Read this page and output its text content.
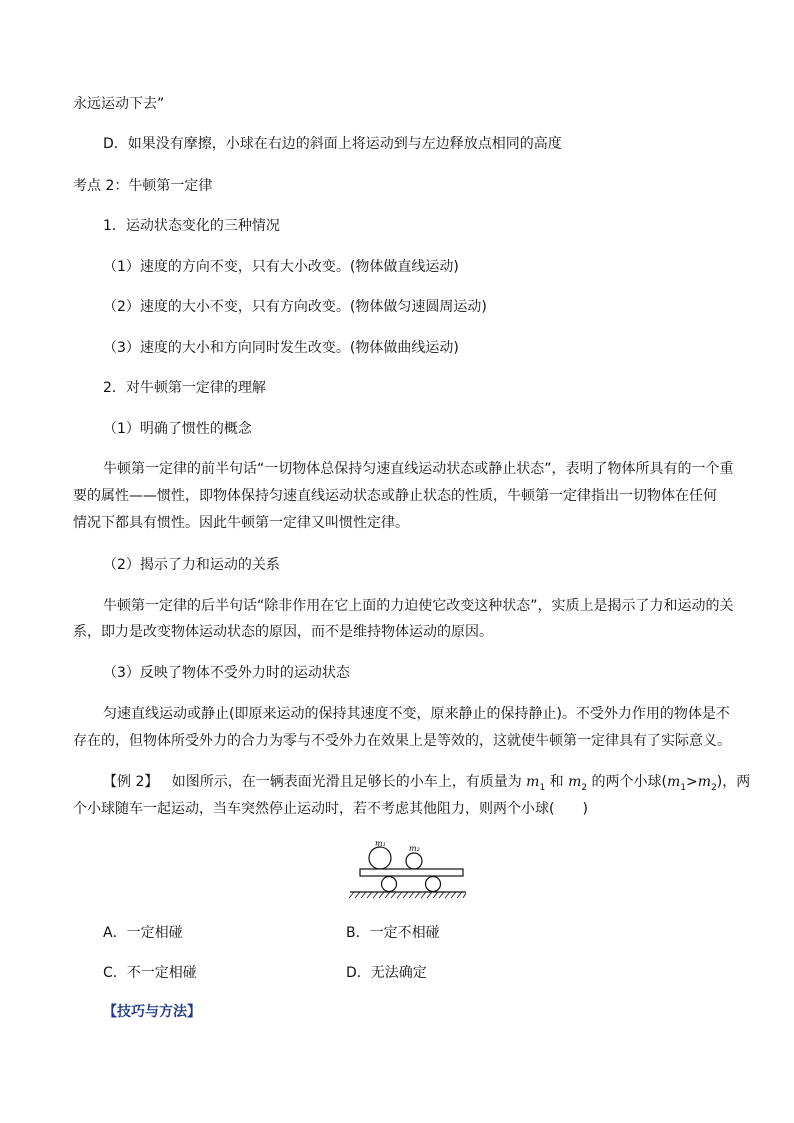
永远运动下去”
D．如果没有摩擦，小球在右边的斜面上将运动到与左边释放点相同的高度
考点 2：牛顿第一定律
1．运动状态变化的三种情况
（1）速度的方向不变，只有大小改变。(物体做直线运动)
（2）速度的大小不变，只有方向改变。(物体做匀速圆周运动)
（3）速度的大小和方向同时发生改变。(物体做曲线运动)
2．对牛顿第一定律的理解
（1）明确了惯性的概念
牛顿第一定律的前半句话“一切物体总保持匀速直线运动状态或静止状态”，表明了物体所具有的一个重
要的属性——惯性，即物体保持匀速直线运动状态或静止状态的性质，牛顿第一定律指出一切物体在任何
情况下都具有惯性。因此牛顿第一定律又叫惯性定律。
（2）揭示了力和运动的关系
牛顿第一定律的后半句话“除非作用在它上面的力迫使它改变这种状态”，实质上是揭示了力和运动的关
系，即力是改变物体运动状态的原因，而不是维持物体运动的原因。
（3）反映了物体不受外力时的运动状态
匀速直线运动或静止(即原来运动的保持其速度不变，原来静止的保持静止)。不受外力作用的物体是不
存在的，但物体所受外力的合力为零与不受外力在效果上是等效的，这就使牛顿第一定律具有了实际意义。
【例 2】 如图所示，在一辆表面光滑且足够长的小车上，有质量为 $m_1$ 和 $m_2$ 的两个小球$(m_1>m_2)$，两
个小球随车一起运动，当车突然停止运动时，若不考虑其他阻力，则两个小球(　　)
m₁
m₂
A．一定相碰	B．一定不相碰
C．不一定相碰	D．无法确定
【技巧与方法】
